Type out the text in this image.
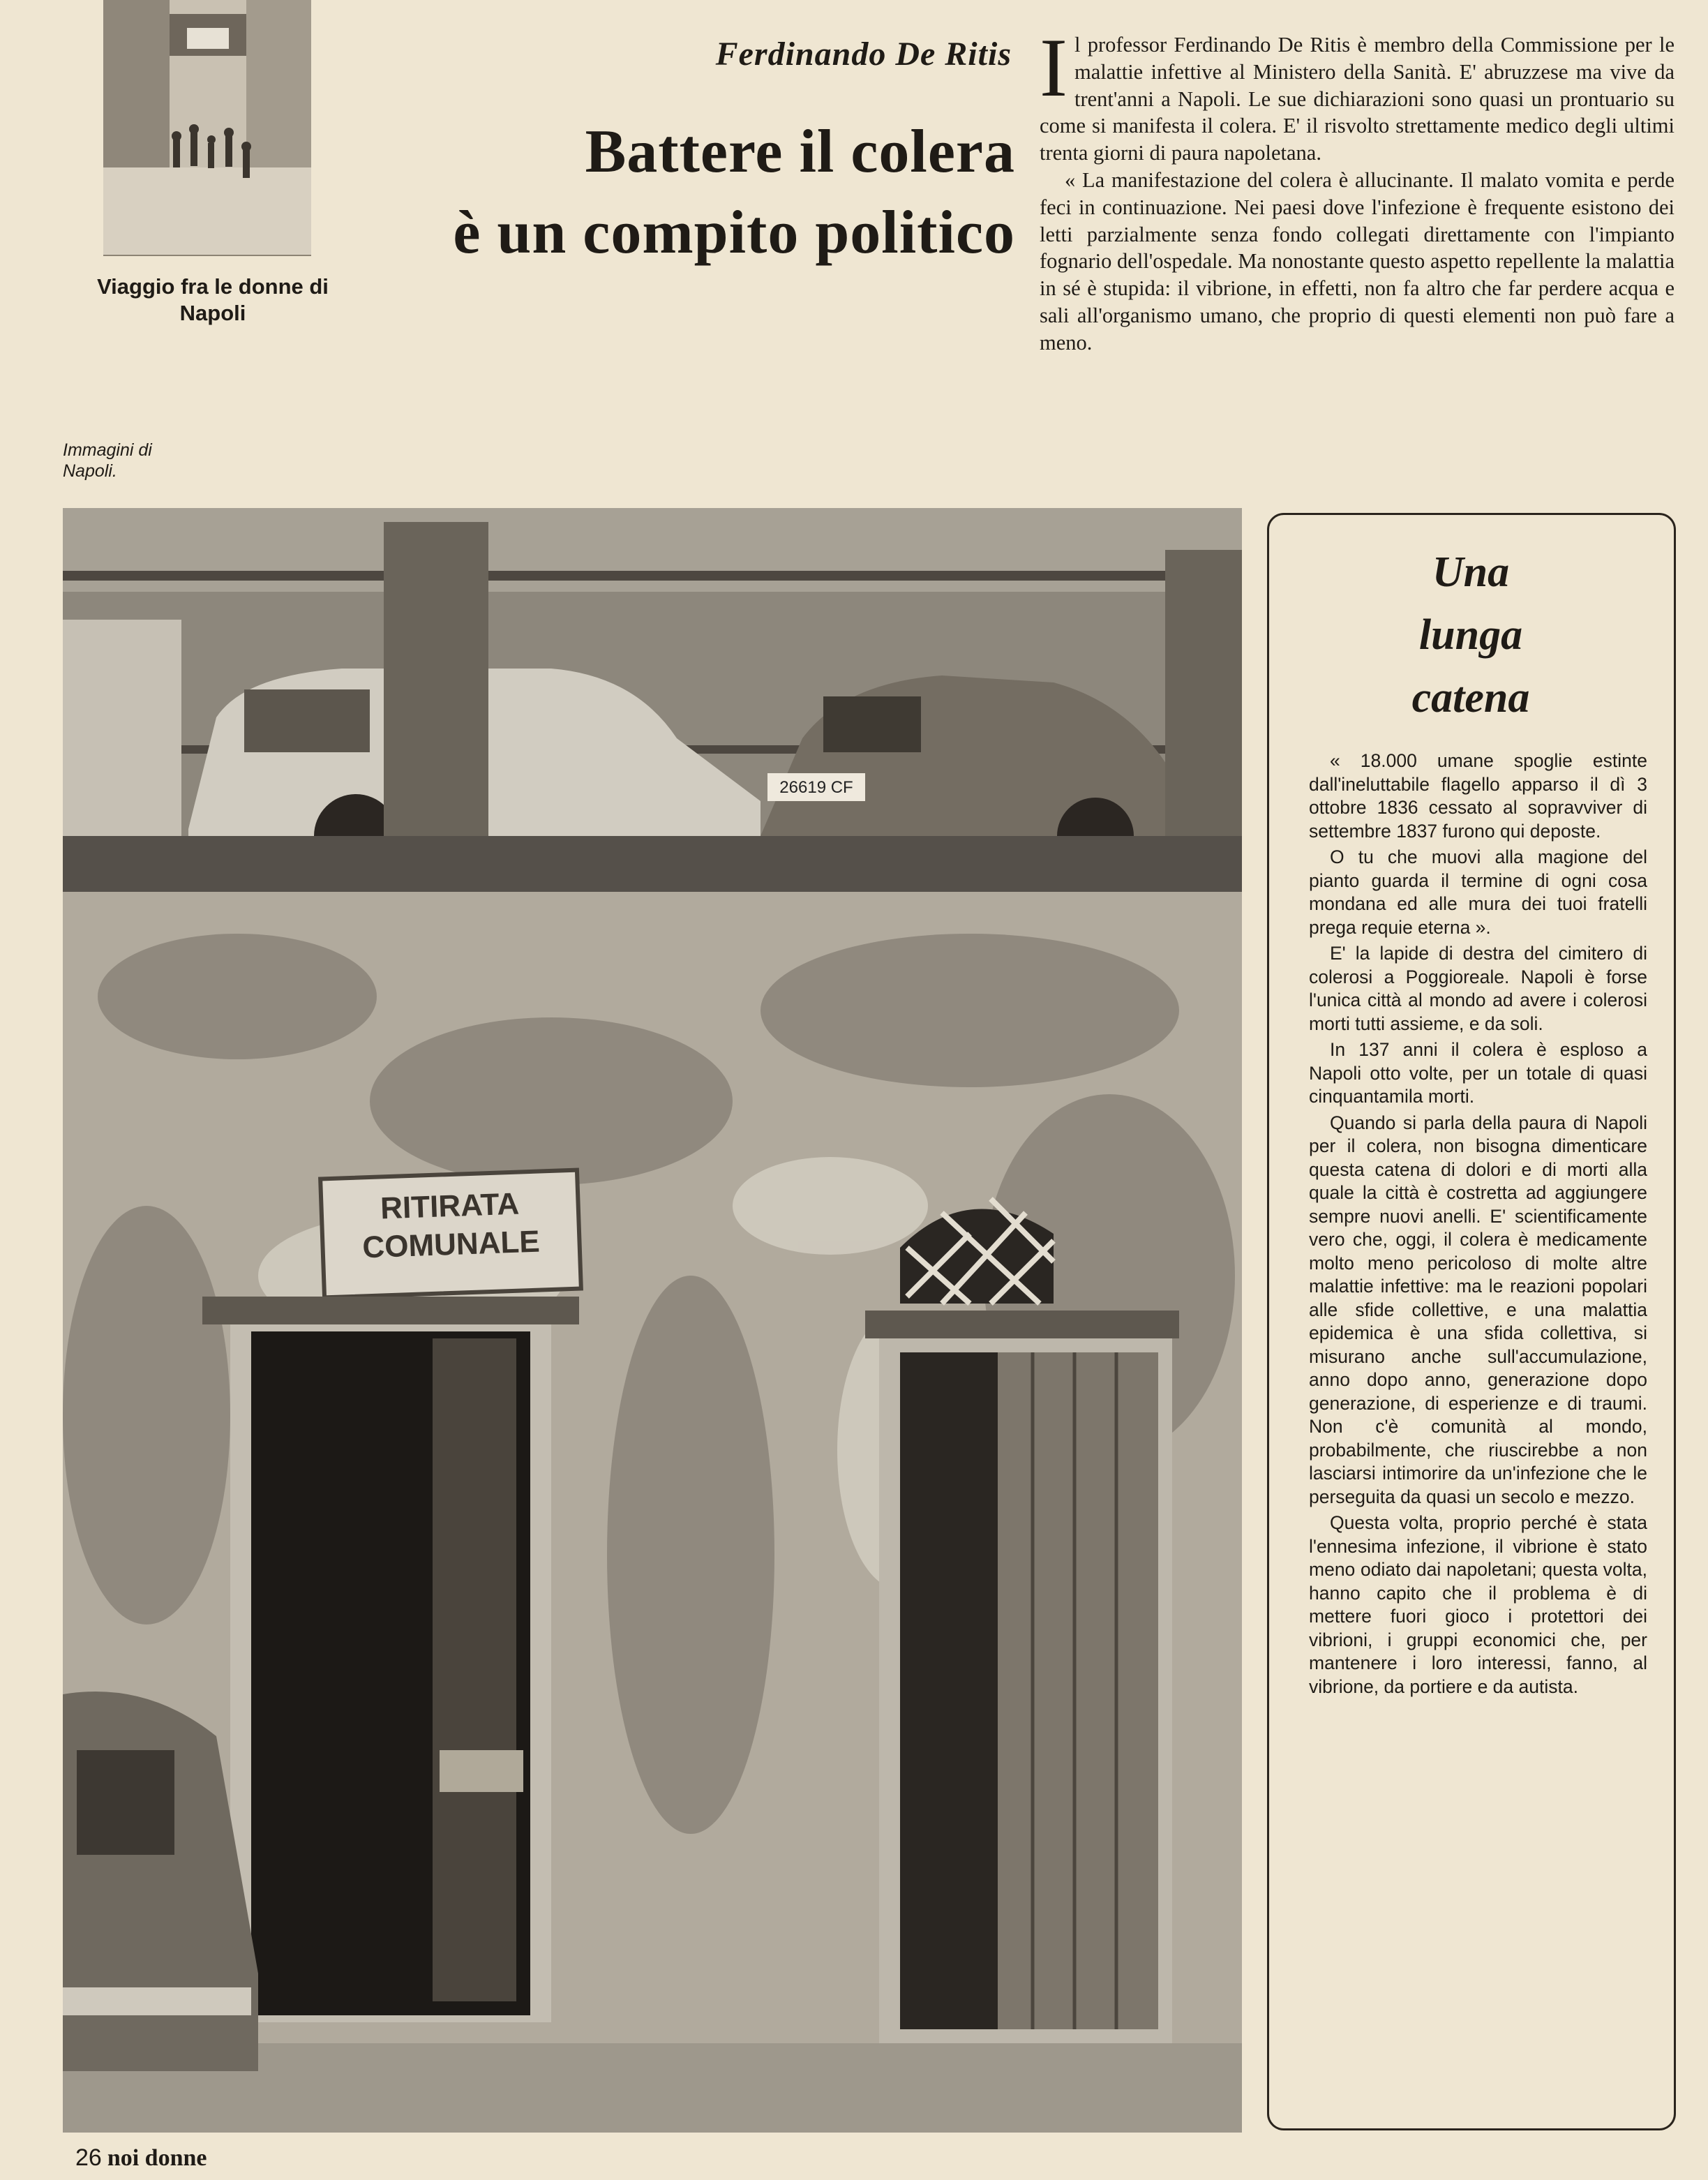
Viaggio fra le donne di Napoli
Immagini di Napoli.
Ferdinando De Ritis
Battere il colera
è un compito politico

Il professor Ferdinando De Ritis è membro della Commissione per le malattie infettive al Ministero della Sanità. E' abruzzese ma vive da trent'anni a Napoli. Le sue dichiarazioni sono quasi un prontuario su come si manifesta il colera. E' il risvolto strettamente medico degli ultimi trenta giorni di paura napoletana.

« La manifestazione del colera è allucinante. Il malato vomita e perde feci in continuazione. Nei paesi dove l'infezione è frequente esistono dei letti parzialmente senza fondo collegati direttamente con l'impianto fognario dell'ospedale. Ma nonostante questo aspetto repellente la malattia in sé è stupida: il vibrione, in effetti, non fa altro che far perdere acqua e sali all'organismo umano, che proprio di questi elementi non può fare a meno.

26619 CF
RITIRATA
COMUNALE
Una
lunga
catena

« 18.000 umane spoglie estinte dall'ineluttabile flagello apparso il dì 3 ottobre 1836 cessato al sopravviver di settembre 1837 furono qui deposte.

O tu che muovi alla magione del pianto guarda il termine di ogni cosa mondana ed alle mura dei tuoi fratelli prega requie eterna ».

E' la lapide di destra del cimitero di colerosi a Poggioreale. Napoli è forse l'unica città al mondo ad avere i colerosi morti tutti assieme, e da soli.

In 137 anni il colera è esploso a Napoli otto volte, per un totale di quasi cinquantamila morti.

Quando si parla della paura di Napoli per il colera, non bisogna dimenticare questa catena di dolori e di morti alla quale la città è costretta ad aggiungere sempre nuovi anelli. E' scientificamente vero che, oggi, il colera è medicamente molto meno pericoloso di molte altre malattie infettive: ma le reazioni popolari alle sfide collettive, e una malattia epidemica è una sfida collettiva, si misurano anche sull'accumulazione, anno dopo anno, generazione dopo generazione, di esperienze e di traumi. Non c'è comunità al mondo, probabilmente, che riuscirebbe a non lasciarsi intimorire da un'infezione che le perseguita da quasi un secolo e mezzo.

Questa volta, proprio perché è stata l'ennesima infezione, il vibrione è stato meno odiato dai napoletani; questa volta, hanno capito che il problema è di mettere fuori gioco i protettori dei vibrioni, i gruppi economici che, per mantenere i loro interessi, fanno, al vibrione, da portiere e da autista.

26 noi donne
